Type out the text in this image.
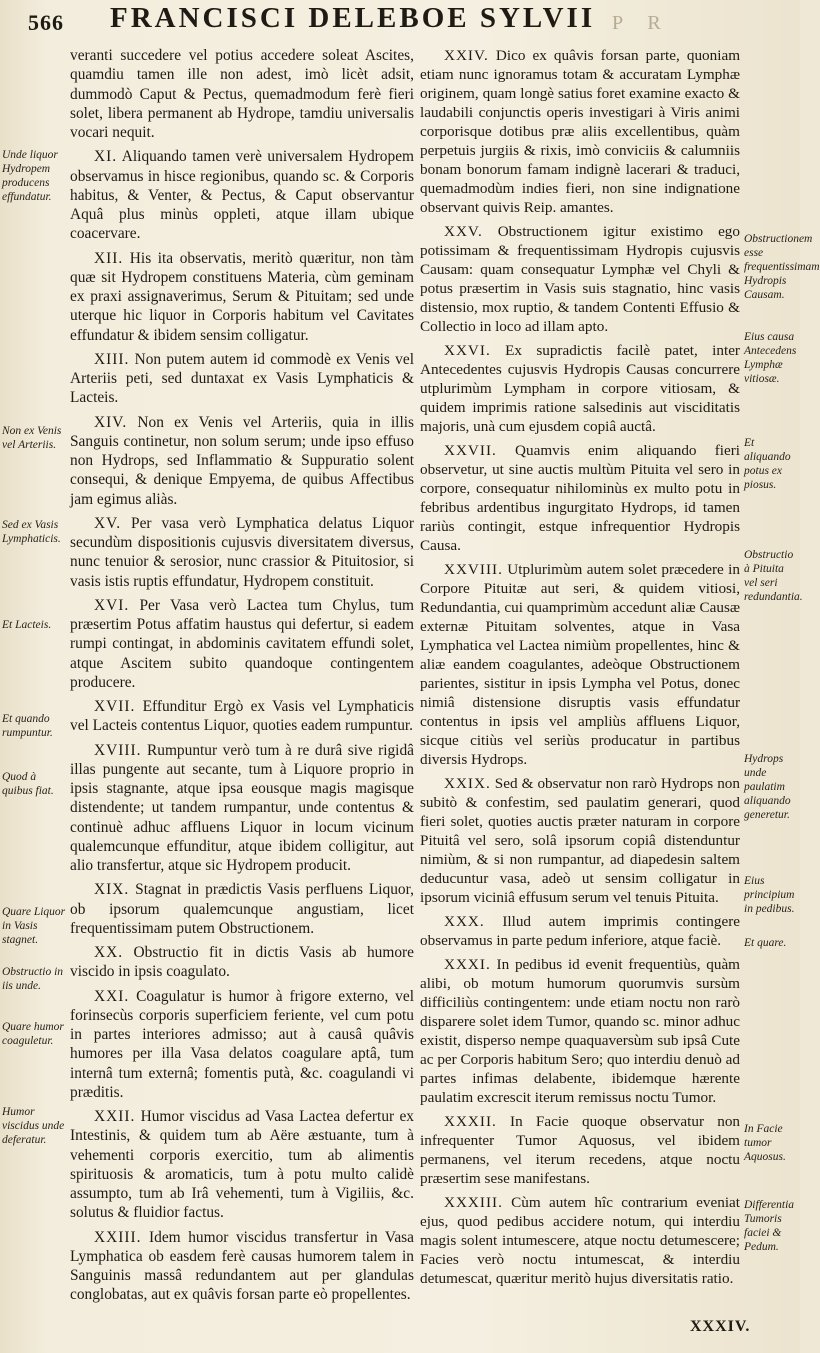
566 FRANCISCI DELEBOE SYLVII P R

veranti succedere vel potius accedere soleat Ascites, quamdiu tamen ille non adest, imò licèt adsit, dummodò Caput & Pectus, quemadmodum ferè fieri solet, libera permanent ab Hydrope, tamdiu universalis vocari nequit.

XI. Aliquando tamen verè universalem Hydropem observamus in hisce regionibus, quando sc. & Corporis habitus, & Venter, & Pectus, & Caput observantur Aquâ plus minùs oppleti, atque illam ubique coacervare.

XII. His ita observatis, meritò quæritur, non tàm quæ sit Hydropem constituens Materia, cùm geminam ex praxi assignaverimus, Serum & Pituitam; sed unde uterque hic liquor in Corporis habitum vel Cavitates effundatur & ibidem sensim colligatur.

XIII. Non putem autem id commodè ex Venis vel Arteriis peti, sed duntaxat ex Vasis Lymphaticis & Lacteis.

XIV. Non ex Venis vel Arteriis, quia in illis Sanguis continetur, non solum serum; unde ipso effuso non Hydrops, sed Inflammatio & Suppuratio solent consequi, & denique Empyema, de quibus Affectibus jam egimus aliàs.

XV. Per vasa verò Lymphatica delatus Liquor secundùm dispositionis cujusvis diversitatem diversus, nunc tenuior & serosior, nunc crassior & Pituitosior, si vasis istis ruptis effundatur, Hydropem constituit.

XVI. Per Vasa verò Lactea tum Chylus, tum præsertim Potus affatim haustus qui defertur, si eadem rumpi contingat, in abdominis cavitatem effundi solet, atque Ascitem subito quandoque contingentem producere.

XVII. Effunditur Ergò ex Vasis vel Lymphaticis vel Lacteis contentus Liquor, quoties eadem rumpuntur.

XVIII. Rumpuntur verò tum à re durâ sive rigidâ illas pungente aut secante, tum à Liquore proprio in ipsis stagnante, atque ipsa eousque magis magisque distendente; ut tandem rumpantur, unde contentus & continuè adhuc affluens Liquor in locum vicinum qualemcunque effunditur, atque ibidem colligitur, aut alio transfertur, atque sic Hydropem producit.

XIX. Stagnat in prædictis Vasis perfluens Liquor, ob ipsorum qualemcunque angustiam, licet frequentissimam putem Obstructionem.

XX. Obstructio fit in dictis Vasis ab humore viscido in ipsis coagulato.

XXI. Coagulatur is humor à frigore externo, vel forinsecùs corporis superficiem feriente, vel cum potu in partes interiores admisso; aut à causâ quâvis humores per illa Vasa delatos coagulare aptâ, tum internâ tum externâ; fomentis putà, &c. coagulandi vi præditis.

XXII. Humor viscidus ad Vasa Lactea defertur ex Intestinis, & quidem tum ab Aëre æstuante, tum à vehementi corporis exercitio, tum ab alimentis spirituosis & aromaticis, tum à potu multo calidè assumpto, tum ab Irâ vehementi, tum à Vigiliis, &c. solutus & fluidior factus.

XXIII. Idem humor viscidus transfertur in Vasa Lymphatica ob easdem ferè causas humorem talem in Sanguinis massâ redundantem aut per glandulas conglobatas, aut ex quâvis forsan parte eò propellentes.

XXIV. Dico ex quâvis forsan parte, quoniam etiam nunc ignoramus totam & accuratam Lymphæ originem, quam longè satius foret examine exacto & laudabili conjunctis operis investigari à Viris animi corporisque dotibus præ aliis excellentibus, quàm perpetuis jurgiis & rixis, imò conviciis & calumniis bonam bonorum famam indignè lacerari & traduci, quemadmodùm indies fieri, non sine indignatione observant quivis Reip. amantes.

XXV. Obstructionem igitur existimo ego potissimam & frequentissimam Hydropis cujusvis Causam: quam consequatur Lymphæ vel Chyli & potus præsertim in Vasis suis stagnatio, hinc vasis distensio, mox ruptio, & tandem Contenti Effusio & Collectio in loco ad illam apto.

XXVI. Ex supradictis facilè patet, inter Antecedentes cujusvis Hydropis Causas concurrere utplurimùm Lympham in corpore vitiosam, & quidem imprimis ratione salsedinis aut visciditatis majoris, unà cum ejusdem copiâ auctâ.

XXVII. Quamvis enim aliquando fieri observetur, ut sine auctis multùm Pituita vel sero in corpore, consequatur nihilominùs ex multo potu in febribus ardentibus ingurgitato Hydrops, id tamen rariùs contingit, estque infrequentior Hydropis Causa.

XXVIII. Utplurimùm autem solet præcedere in Corpore Pituitæ aut seri, & quidem vitiosi, Redundantia, cui quamprimùm accedunt aliæ Causæ externæ Pituitam solventes, atque in Vasa Lymphatica vel Lactea nimiùm propellentes, hinc & aliæ eandem coagulantes, adeòque Obstructionem parientes, sistitur in ipsis Lympha vel Potus, donec nimiâ distensione disruptis vasis effundatur contentus in ipsis vel ampliùs affluens Liquor, sicque citiùs vel seriùs producatur in partibus diversis Hydrops.

XXIX. Sed & observatur non rarò Hydrops non subitò & confestim, sed paulatim generari, quod fieri solet, quoties auctis præter naturam in corpore Pituitâ vel sero, solâ ipsorum copiâ distenduntur nimiùm, & si non rumpantur, ad diapedesin saltem deducuntur vasa, adeò ut sensim colligatur in ipsorum viciniâ effusum serum vel tenuis Pituita.

XXX. Illud autem imprimis contingere observamus in parte pedum inferiore, atque faciè.

XXXI. In pedibus id evenit frequentiùs, quàm alibi, ob motum humorum quorumvis sursùm difficiliùs contingentem: unde etiam noctu non rarò disparere solet idem Tumor, quando sc. minor adhuc existit, disperso nempe quaquaversùm sub ipsâ Cute ac per Corporis habitum Sero; quo interdiu denuò ad partes infimas delabente, ibidemque hærente paulatim excrescit iterum remissus noctu Tumor.

XXXII. In Facie quoque observatur non infrequenter Tumor Aquosus, vel ibidem permanens, vel iterum recedens, atque noctu præsertim sese manifestans.

XXXIII. Cùm autem hîc contrarium eveniat ejus, quod pedibus accidere notum, qui interdiu magis solent intumescere, atque noctu detumescere; Facies verò noctu intumescat, & interdiu detumescat, quæritur meritò hujus diversitatis ratio.

Unde liquor Hydropem producens effundatur.
Non ex Venis vel Arteriis.
Sed ex Vasis Lymphaticis.
Et Lacteis.
Et quando rumpuntur.
Quod à quibus fiat.
Quare Liquor in Vasis stagnet.
Obstructio in iis unde.
Quare humor coaguletur.
Humor viscidus unde deferatur.
Obstructionem esse frequentissimam Hydropis Causam.
Eius causa Antecedens Lymphæ vitiosæ.
Et aliquando potus ex piosus.
Obstructio à Pituita vel seri redundantia.
Hydrops unde paulatim aliquando generetur.
Eius principium in pedibus.
Et quare.
In Facie tumor Aquosus.
Differentia Tumoris faciei & Pedum.
XXXIV.
